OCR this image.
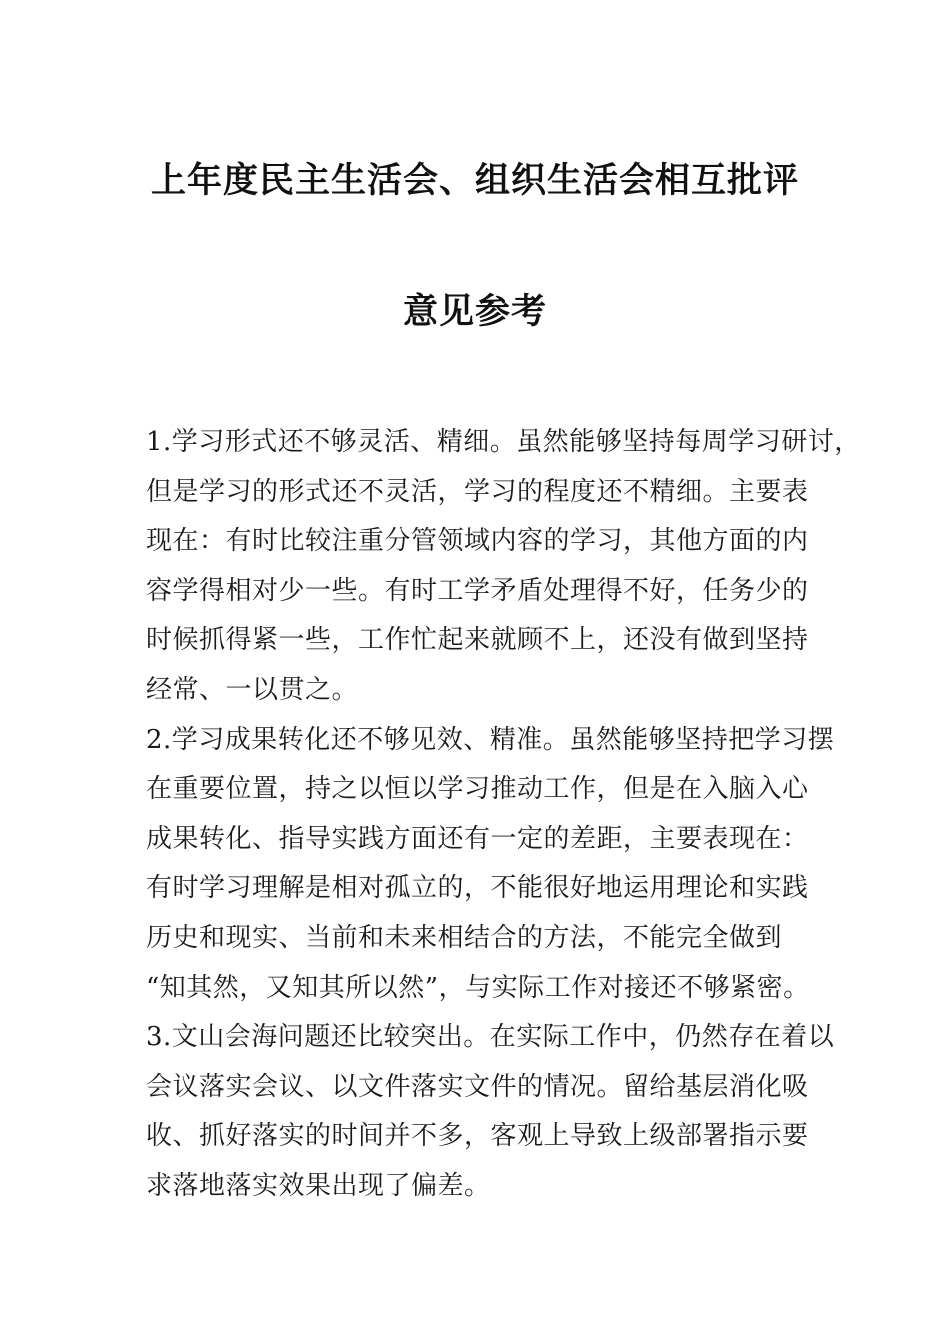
上年度民主生活会、组织生活会相互批评
意见参考
1.学习形式还不够灵活、精细。虽然能够坚持每周学习研讨，
但是学习的形式还不灵活，学习的程度还不精细。主要表
现在：有时比较注重分管领域内容的学习，其他方面的内
容学得相对少一些。有时工学矛盾处理得不好，任务少的
时候抓得紧一些，工作忙起来就顾不上，还没有做到坚持
经常、一以贯之。
2.学习成果转化还不够见效、精准。虽然能够坚持把学习摆
在重要位置，持之以恒以学习推动工作，但是在入脑入心
成果转化、指导实践方面还有一定的差距，主要表现在：
有时学习理解是相对孤立的，不能很好地运用理论和实践
历史和现实、当前和未来相结合的方法，不能完全做到
“知其然，又知其所以然”，与实际工作对接还不够紧密。
3.文山会海问题还比较突出。在实际工作中，仍然存在着以
会议落实会议、以文件落实文件的情况。留给基层消化吸
收、抓好落实的时间并不多，客观上导致上级部署指示要
求落地落实效果出现了偏差。
